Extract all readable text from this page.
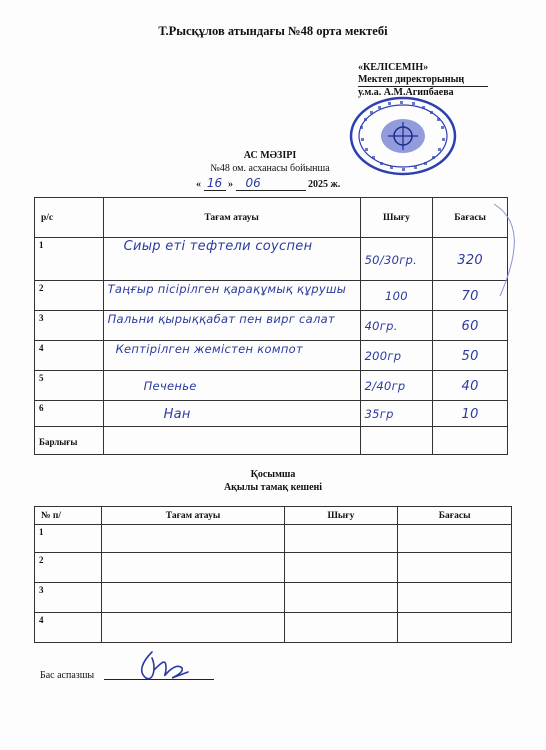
Т.Рысқұлов атындағы №48 орта мектебі
«КЕЛІСЕМІН»
Мектеп директорының
у.м.а. А.М.Агипбаева
АС МӘЗІРІ
№48 ом. асханасы бойынша
« 16 » 06	2025 ж.
р/с	Тағам атауы	Шығу	Бағасы
1	Сиыр еті тефтели соуспен	50/30гр.	320
2	Таңғыр пісірілген қарақұмық құрушы	100	70
3	Пальни қырыққабат пен вирг салат	40гр.	60
4	Кептірілген жемістен компот	200гр	50
5	Печенье	2/40гр	40
6	Нан	35гр	10
Барлығы			
Қосымша
Ақылы тамақ кешені
№ п/	Тағам атауы	Шығу	Бағасы
1			
2			
3			
4			
Бас аспазшы
